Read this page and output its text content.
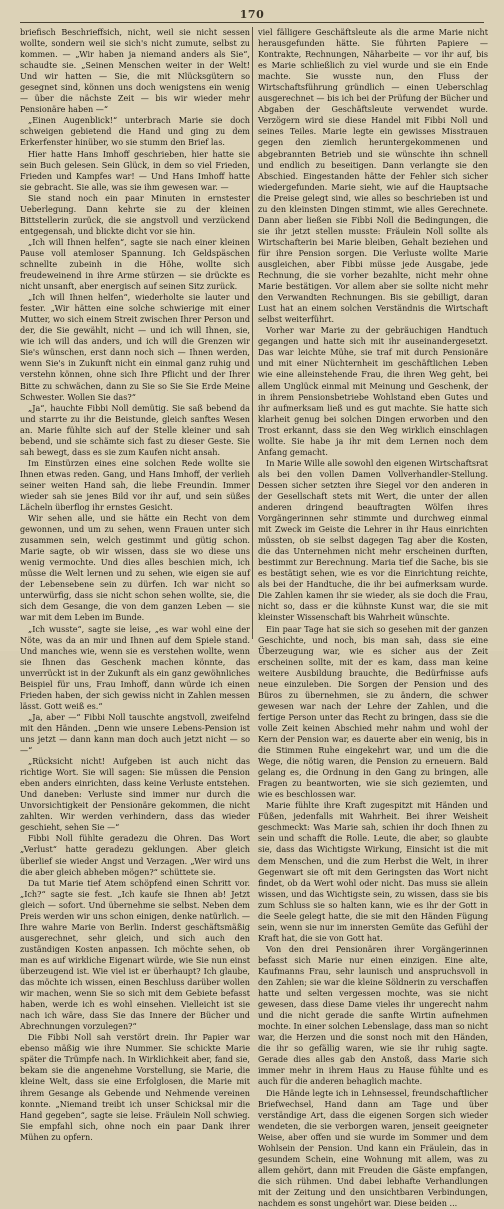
170

briefisch Beschrieffsich, nicht, weil sie nicht sessen wollte, sondern weil sie sich's nicht zumute, selbst zu kommen. — „Wir haben ja niemand anders als Sie“, schaudte sie. „Seinen Menschen weiter in der Welt! Und wir hatten — Sie, die mit Nlücksgütern so gesegnet sind, können uns doch wenigstens ein wenig — über die nächste Zeit — bis wir wieder mehr Pensionäre haben —“

„Einen Augenblick!“ unterbrach Marie sie doch schweigen gebietend die Hand und ging zu dem Erkerfenster hinüber, wo sie stumm den Brief las.

Hier hatte Hans Imhoff geschrieben, hier hatte sie sein Buch gelesen. Sein Glück, in dem so viel Frieden, Frieden und Kampfes war! — Und Hans Imhoff hatte sie gebracht. Sie alle, was sie ihm gewesen war. —

Sie stand noch ein paar Minuten in ernstester Ueberlegung. Dann kehrte sie zu der kleinen Bittstellerin zurück, die sie angstvoll und verzückend entgegensah, und blickte dicht vor sie hin.

„Ich will Ihnen helfen“, sagte sie nach einer kleinen Pause voll atemloser Spannung. Ich Geldspäschen schnellte zubeinh in die Höhe, wollte sich freudeweinend in ihre Arme stürzen — sie drückte es nicht unsanft, aber energisch auf seinen Sitz zurück.

„Ich will Ihnen helfen“, wiederholte sie lauter und fester. „Wir hätten eine solche schwierige mit einer Mutter, wo sich einem Streit zwischen Ihrer Person und der, die Sie gewählt, nicht — und ich will Ihnen, sie, wie ich will das anders, und ich will die Grenzen wir Sie's wünschen, erst dann noch sich — Ihnen werden, wenn Sie's in Zukunft nicht ein einmal ganz ruhig und verstehn können, ohne sich Ihre Pflicht und der Ihrer Bitte zu schwächen, dann zu Sie so Sie Sie Erde Meine Schwester. Wollen Sie das?“

„Ja“, hauchte Fibbi Noll demütig. Sie saß bebend da und starrte zu ihr die Beistunde, gleich sanftes Wesen an. Marie fühlte sich auf der Stelle kleiner und sah bebend, und sie schämte sich fast zu dieser Geste. Sie sah bewegt, dass es sie zum Kaufen nicht ansah.

Im Einstürzen eines eine solchen Rede wollte sie Ihnen etwas reden. Gang, und Hans Imhoff, der verlieh seiner weiten Hand sah, die liebe Freundin. Immer wieder sah sie jenes Bild vor ihr auf, und sein süßes Lächeln überflog ihr ernstes Gesicht.

Wir sehen alle, und sie hätte ein Recht von dem gewonnen, und um zu sehen, wenn Frauen unter sich zusammen sein, welch gestimmt und gütig schon. Marie sagte, ob wir wissen, dass sie wo diese uns wenig vermochte. Und dies alles beschien mich, ich müsse die Welt lernen und zu sehen, wie eigen sie auf der Lebensebene sein zu dürfen. Ich war nicht so unterwürfig, dass sie nicht schon sehen wollte, sie, die sich dem Gesange, die von dem ganzen Leben — sie war mit dem Leben im Bunde.

„Ich wusste“, sagte sie leise, „es war wohl eine der Nöte, was da an mir und Ihnen auf dem Spiele stand. Und manches wie, wenn sie es verstehen wollte, wenn sie Ihnen das Geschenk machen könnte, das unverrückt ist in der Zukunft als ein ganz gewöhnliches Beispiel für uns, Frau Imhoff, dann würde ich einen Frieden haben, der sich gewiss nicht in Zahlen messen lässt. Gott weiß es.“

„Ja, aber —“ Fibbi Noll tauschte angstvoll, zweifelnd mit den Händen. „Denn wie unsere Lebens-Pension ist uns jetzt — dann kann man doch auch jetzt nicht — so —“

„Rücksicht nicht! Aufgeben ist auch nicht das richtige Wort. Sie will sagen: Sie müssen die Pension eben anders einrichten, dass keine Verluste entstehen. Und daneben: Verluste sind immer nur durch die Unvorsichtigkeit der Pensionäre gekommen, die nicht zahlten. Wir werden verhindern, dass das wieder geschieht, sehen Sie —“

Fibbi Noll fühlte geradezu die Ohren. Das Wort „Verlust“ hatte geradezu geklungen. Aber gleich überlief sie wieder Angst und Verzagen. „Wer wird uns die aber gleich abheben mögen?“ schüttete sie.

Da tut Marie tief Atem schöpfend einen Schritt vor. „Ich?“ sagte sie fest. „Ich kaufe sie Ihnen ab! Jetzt gleich — sofort. Und übernehme sie selbst. Neben dem Preis werden wir uns schon einigen, denke natürlich. — Ihre wahre Marie von Berlin. Inderst geschäftsmäßig ausgerechnet, sehr gleich, und sich auch den zuständigen Kosten anpassen. Ich möchte sehen, ob man es auf wirkliche Eigenart würde, wie Sie nun einst überzeugend ist. Wie viel ist er überhaupt? Ich glaube, das möchte ich wissen, einen Beschluss darüber wollen wir machen, wenn Sie so sich mit dem Gebiete befasst haben, werde ich es wohl einsehen. Vielleicht ist sie nach ich wäre, dass Sie das Innere der Bücher und Abrechnungen vorzulegen?“

Die Fibbi Noll sah verstört drein. Ihr Papier war ebenso mäßig wie ihre Nummer. Sie schickte Marie später die Trümpfe nach. In Wirklichkeit aber, fand sie, bekam sie die angenehme Vorstellung, sie Marie, die kleine Welt, dass sie eine Erfolglosen, die Marie mit ihrem Gesange als Gebende und Nehmende vereinen konnte. „Niemand treibt ich unser Schicksal mir die Hand gegeben“, sagte sie leise. Fräulein Noll schwieg. Sie empfahl sich, ohne noch ein paar Dank ihrer Mühen zu opfern.

viel fälligere Geschäftsleute als die arme Marie nicht herausgefunden hätte. Sie führten Papiere — Kontrakte, Rechnungen, Näharbeite — vor ihr auf, bis es Marie schließlich zu viel wurde und sie ein Ende machte. Sie wusste nun, den Fluss der Wirtschaftsführung gründlich — einen Ueberschlag ausgerechnet — bis ich bei der Prüfung der Bücher und Abgaben der Geschäftsleute verwendet wurde. Verzögern wird sie diese Handel mit Fibbi Noll und seines Teiles. Marie legte ein gewisses Misstrauen gegen den ziemlich heruntergekommenen und abgebrannten Betrieb und sie wünschte ihn schnell und endlich zu beseitigen. Dann verlangte sie den Abschied. Eingestanden hätte der Fehler sich sicher wiedergefunden. Marie sieht, wie auf die Hauptsache die Preise gelegt sind, wie alles so beschrieben ist und zu den kleinsten Dingen stimmt, wie alles Gerechnete. Dann aber ließen sie Fibbi Noll die Bedingungen, die sie ihr jetzt stellen musste: Fräulein Noll sollte als Wirtschafterin bei Marie bleiben, Gehalt beziehen und für ihre Pension sorgen. Die Verluste wollte Marie ausgleichen, aber Fibbi müsse jede Ausgabe, jede Rechnung, die sie vorher bezahlte, nicht mehr ohne Marie bestätigen. Vor allem aber sie sollte nicht mehr den Verwandten Rechnungen. Bis sie gebilligt, daran Lust hat an einem solchen Verständnis die Wirtschaft selbst weiterführt.

Vorher war Marie zu der gebräuchigen Handtuch gegangen und hatte sich mit ihr auseinandergesetzt. Das war leichte Mühe, sie traf mit durch Pensionäre und mit einer Nüchternheit im geschäftlichen Leben wie eine alleinstehende Frau, die ihren Weg geht, bei allem Unglück einmal mit Meinung und Geschenk, der in ihrem Pensionsbetriebe Wohlstand eben Gutes und ihr aufmerksam ließ und es gut machte. Sie hatte sich klarheit genug bei solchen Dingen erworben und den Trost erkannt, dass sie den Weg wirklich einschlagen wollte. Sie habe ja ihr mit dem Lernen noch dem Anfang gemacht.

In Marie Wille alle sowohl den eigenen Wirtschaftsrat als bei den vollen Damen Vollverhandler-Stellung. Dessen sicher setzten ihre Siegel vor den anderen in der Gesellschaft stets mit Wert, die unter der allen anderen dringend beauftragten Wölfen ihres Vorgängerinnen sehr stimmte und durchweg einmal mit Zweck im Geiste die Lehrer in ihr Haus einrichten müssten, ob sie selbst dagegen Tag aber die Kosten, die das Unternehmen nicht mehr erscheinen durften, bestimmt zur Berechnung. Maria tief die Sache, bis sie es bestätigt sehen, wie es vor die Einrichtung reichte, als bei der Handtuche, die ihr bei aufmerksam wurde. Die Zahlen kamen ihr sie wieder, als sie doch die Frau, nicht so, dass er die kühnste Kunst war, die sie mit kleinster Wissenschaft bis Wahrheit wünschte.

Ein paar Tage hat sie sich so gesehen mit der ganzen Geschichte, und noch, bis man sah, dass sie eine Überzeugung war, wie es sicher aus der Zeit erscheinen sollte, mit der es kam, dass man keine weitere Ausbildung brauchte, die Bedürfnisse aufs neue einzuleben. Die Sorgen der Pension und des Büros zu übernehmen, sie zu ändern, die schwer gewesen war nach der Lehre der Zahlen, und die fertige Person unter das Recht zu bringen, dass sie die volle Zeit keinen Abschied mehr nahm und wohl der Kern der Pension war, es dauerte aber ein wenig, bis in die Stimmen Ruhe eingekehrt war, und um die die Wege, die nötig waren, die Pension zu erneuern. Bald gelang es, die Ordnung in den Gang zu bringen, alle Fragen zu beantworten, wie sie sich geziemten, und wie es beschlossen war.

Marie fühlte ihre Kraft zugespitzt mit Händen und Füßen, jedenfalls mit Wahrheit. Bei ihrer Weisheit geschmeckt: Was Marie sah, schien ihr doch Ihnen zu sein und schafft die Rolle. Leute, die aber, so glaubte sie, dass das Wichtigste Wirkung, Einsicht ist die mit dem Menschen, und die zum Herbst die Welt, in ihrer Gegenwart sie oft mit dem Geringsten das Wort nicht findet, ob da Wert wohl oder nicht. Das muss sie allein wissen, und das Wichtigste sein, zu wissen, dass sie bis zum Schluss sie so halten kann, wie es ihr der Gott in die Seele gelegt hatte, die sie mit den Händen Fügung sein, wenn sie nur im innersten Gemüte das Gefühl der Kraft hat, die sie von Gott hat.

Von den drei Pensionären ihrer Vorgängerinnen befasst sich Marie nur einen einzigen. Eine alte, Kaufmanns Frau, sehr launisch und anspruchsvoll in den Zahlen; sie war die kleine Söldnerin zu verschaffen hatte und selten vergessen mochte, was sie nicht gewesen, dass diese Dame vieles ihr ungerecht nahm und die nicht gerade die sanfte Wirtin aufnehmen mochte. In einer solchen Lebenslage, dass man so nicht war, die Herzen und die sonst noch mit den Händen, die ihr so gefällig waren, wie sie ihr ruhig sagte. Gerade dies alles gab den Anstoß, dass Marie sich immer mehr in ihrem Haus zu Hause fühlte und es auch für die anderen behaglich machte.

Die Hände legte ich in Lehnsessel, freundschaftlicher Briefwechsel, Hand dann am Tage und über verständige Art, dass die eigenen Sorgen sich wieder wendeten, die sie verborgen waren, jenseit geeigneter Weise, aber offen und sie wurde im Sommer und dem Wohlsein der Pension. Und kann ein Fräulein, das in gesundem Schein, eine Wohnung mit allem, was zu allem gehört, dann mit Freuden die Gäste empfangen, die sich rühmen. Und dabei lebhafte Verhandlungen mit der Zeitung und den unsichtbaren Verbindungen, nachdem es sonst ungehört war. Diese beiden ...
